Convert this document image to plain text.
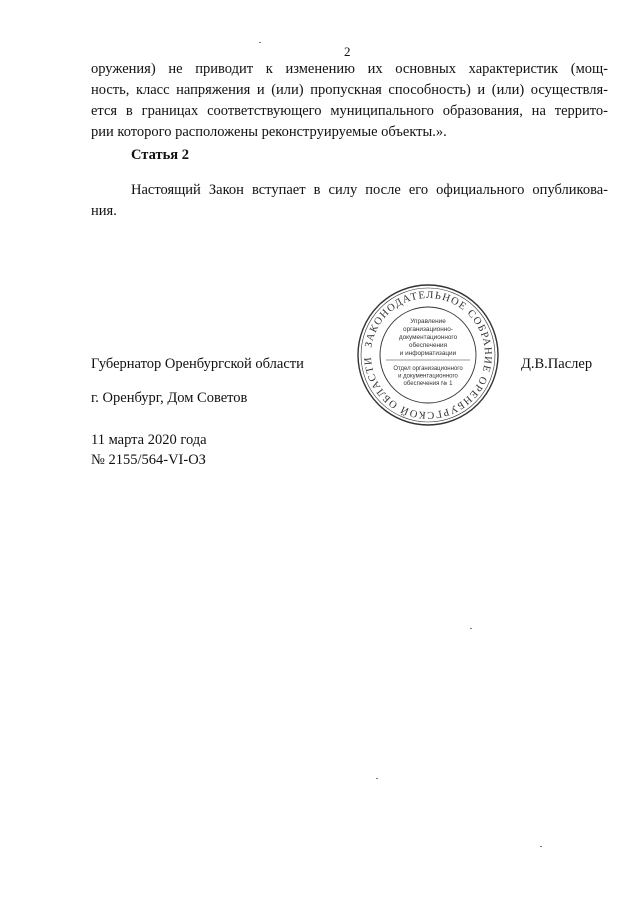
2
оружения) не приводит к изменению их основных характеристик (мощ-
ность, класс напряжения и (или) пропускная способность) и (или) осуществля-
ется в границах соответствующего муниципального образования, на террито-
рии которого расположены реконструируемые объекты.».
Статья 2
Настоящий Закон вступает в силу после его официального опубликова-
ния.
Губернатор Оренбургской области	Д.В.Паслер
г. Оренбург, Дом Советов
11 марта 2020 года
№ 2155/564-VI-ОЗ
ЗАКОНОДАТЕЛЬНОЕ СОБРАНИЕ ОРЕНБУРГСКОЙ ОБЛАСТИ
Управление
организационно-
документационного
обеспечения
и информатизации
Отдел организационного
и документационного
обеспечения № 1
